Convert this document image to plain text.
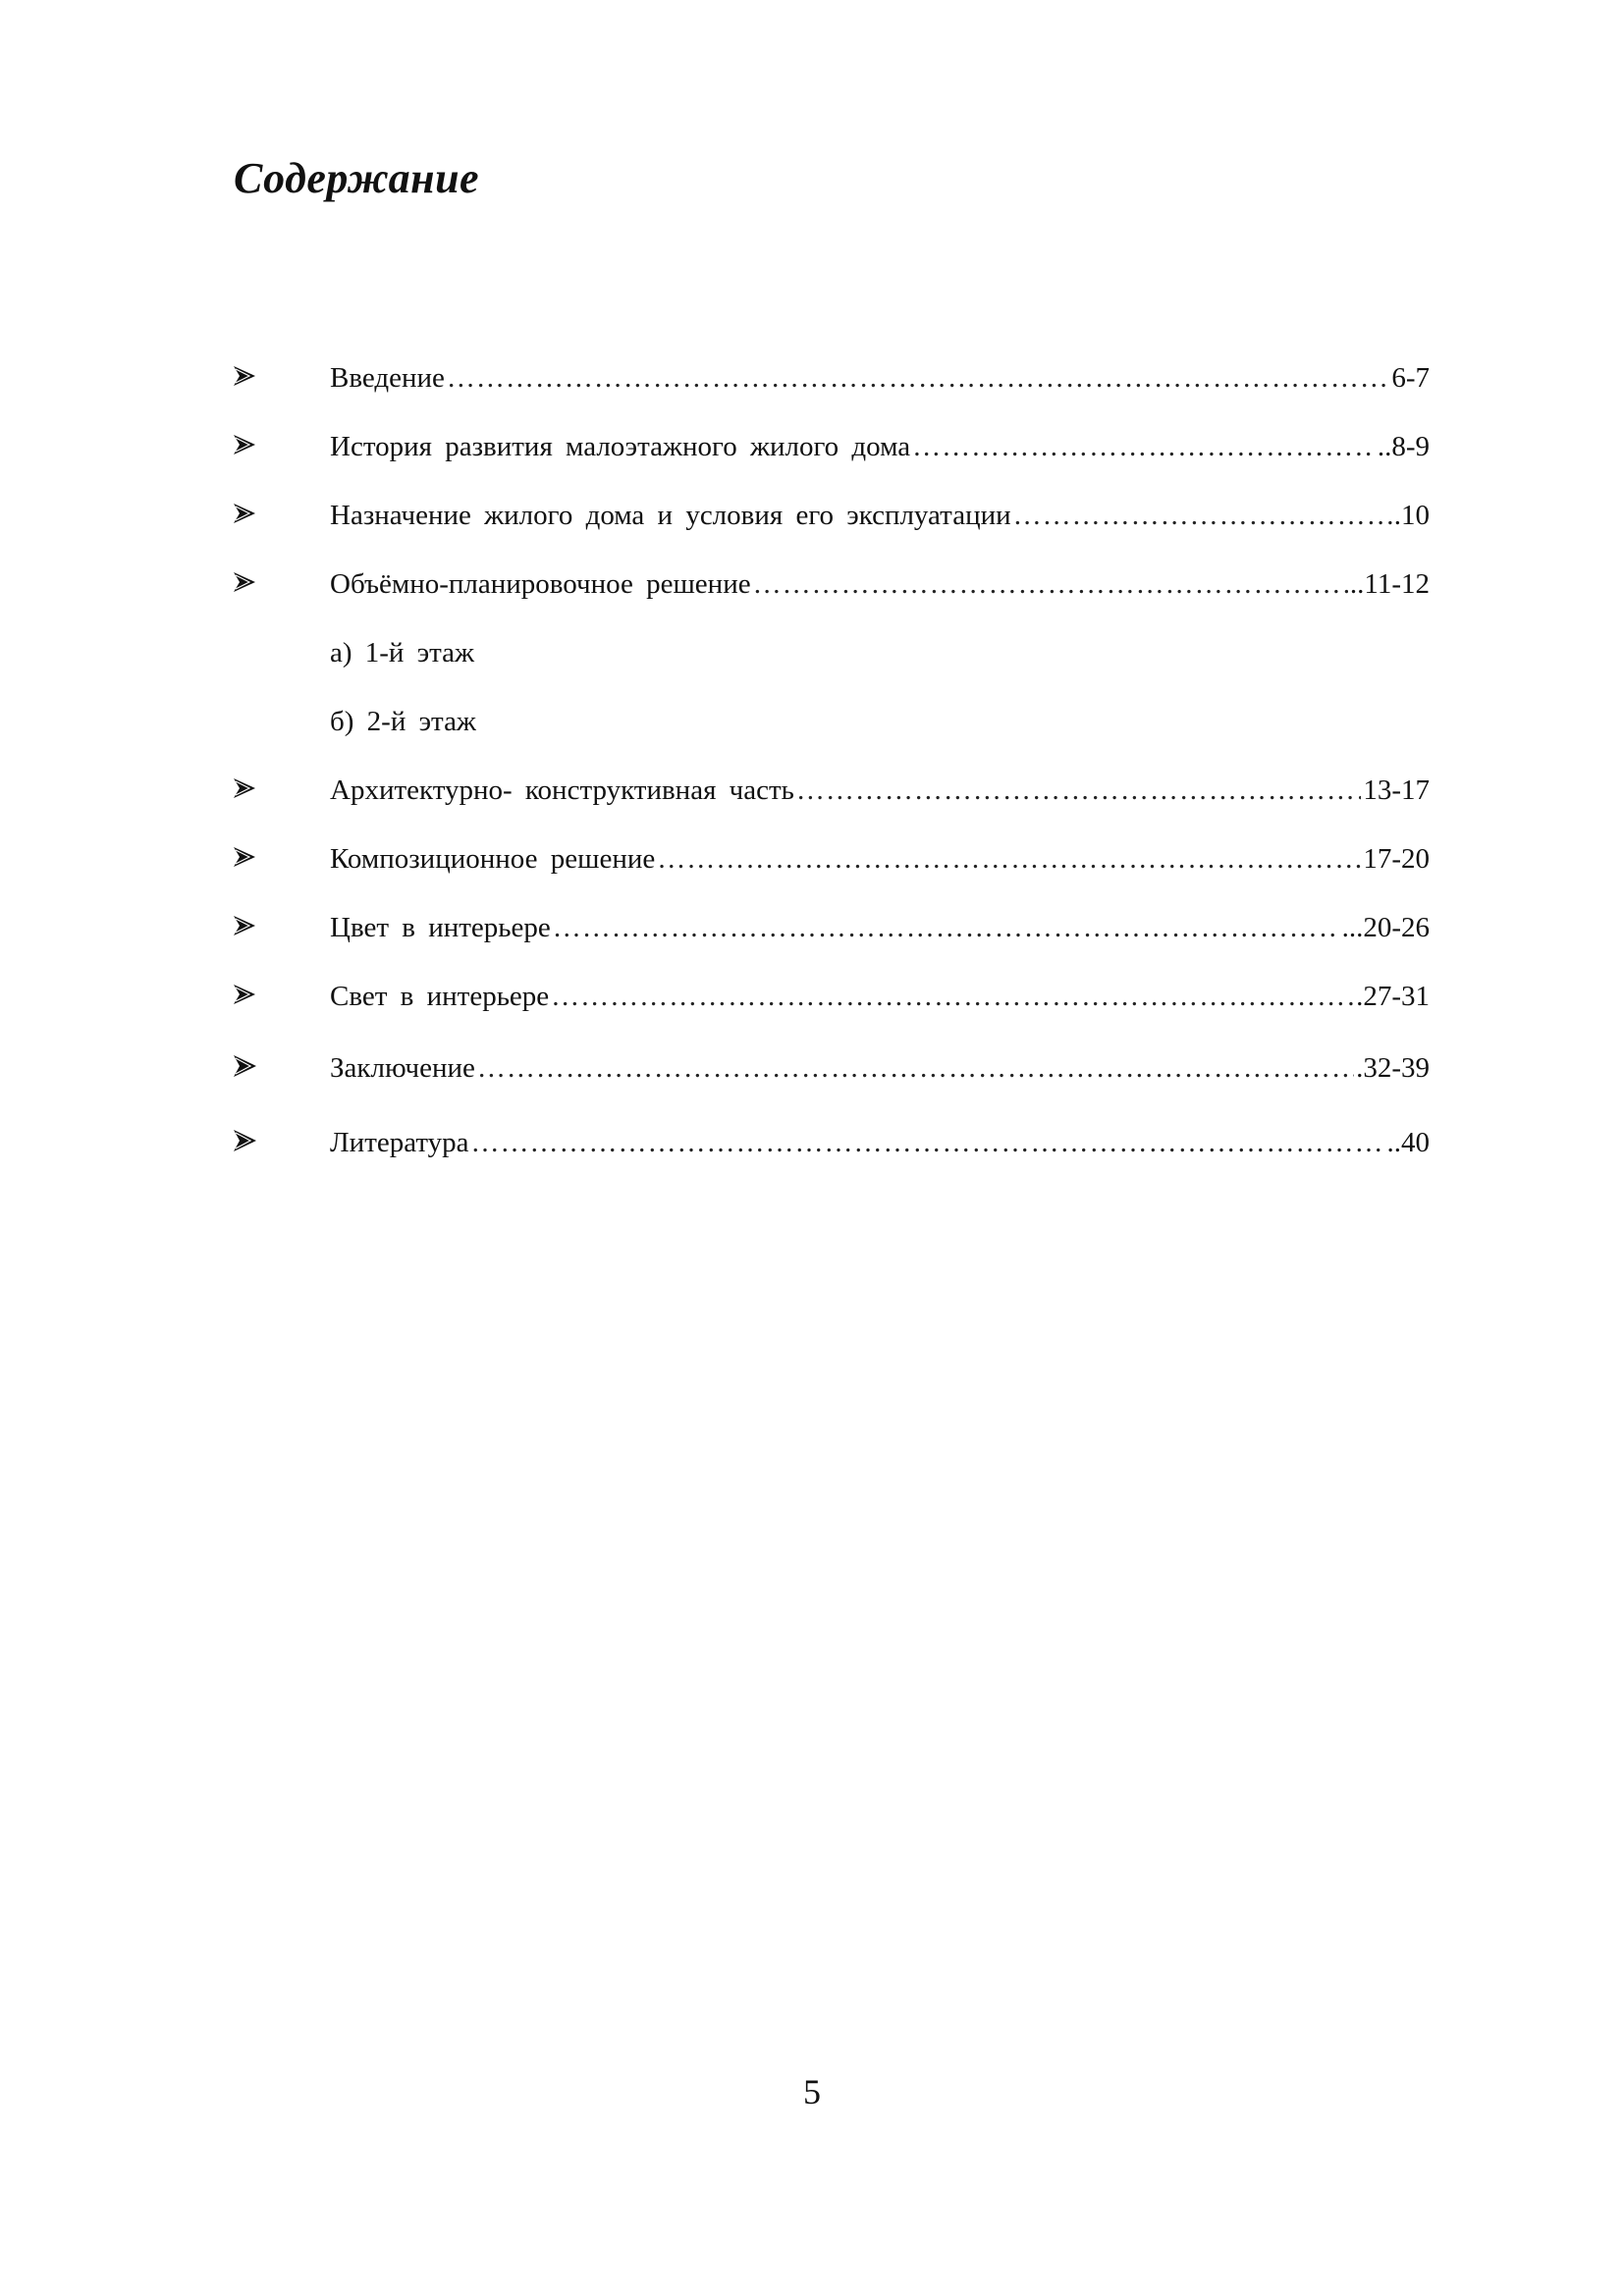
Содержание
Введение ……………………………………………………………………………………………………………………………………………………………………………………………………	6-7
История развития малоэтажного жилого дома ……………………………………………………………………………………………………………………………………………………………………………………………………	..8-9
Назначение жилого дома и условия его эксплуатации ……………………………………………………………………………………………………………………………………………………………………………………………………	.10
Объёмно-планировочное решение ……………………………………………………………………………………………………………………………………………………………………………………………………	..11-12
а) 1-й этаж
б) 2-й этаж
Архитектурно- конструктивная часть ……………………………………………………………………………………………………………………………………………………………………………………………………	13-17
Композиционное решение ……………………………………………………………………………………………………………………………………………………………………………………………………	17-20
Цвет в интерьере ……………………………………………………………………………………………………………………………………………………………………………………………………	...20-26
Свет в интерьере ……………………………………………………………………………………………………………………………………………………………………………………………………	.27-31
Заключение ……………………………………………………………………………………………………………………………………………………………………………………………………	.32-39
Литература ……………………………………………………………………………………………………………………………………………………………………………………………………	..40
5
